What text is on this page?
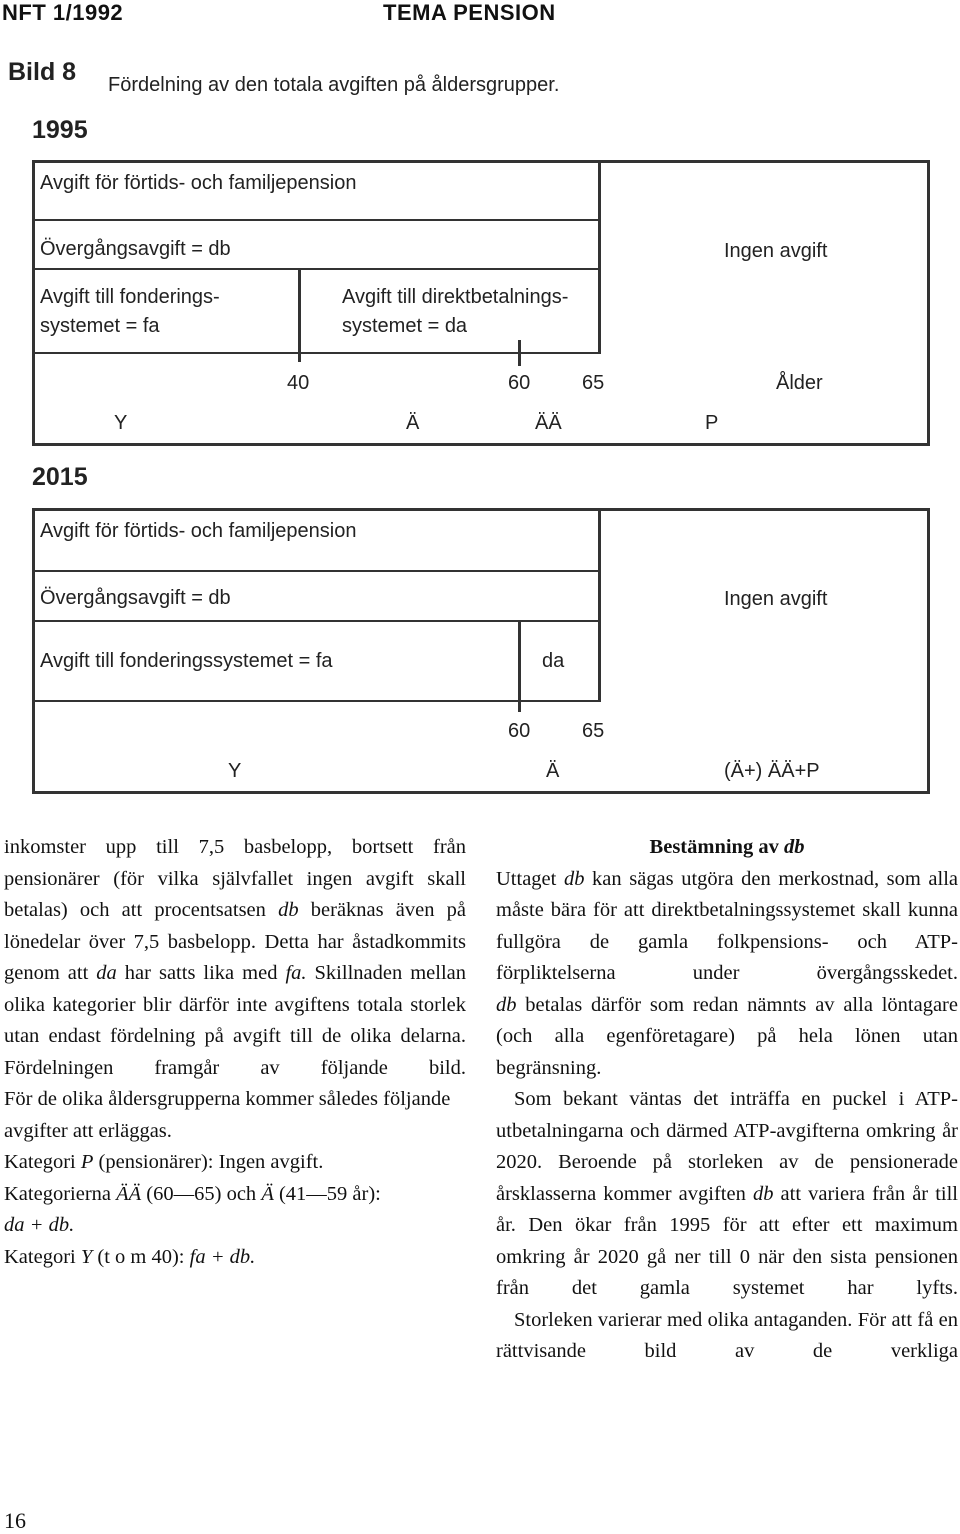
NFT 1/1992	TEMA PENSION
Bild 8 Fördelning av den totala avgiften på åldersgrupper.
1995
Avgift för förtids- och familjepension
Övergångsavgift = db
Avgift till fonderings-
systemet = fa
Avgift till direktbetalnings-
systemet = da
Ingen avgift
40	60	65	Ålder
Y	Ä	ÄÄ	P
2015
Avgift för förtids- och familjepension
Övergångsavgift = db
Avgift till fonderingssystemet = fa	da
Ingen avgift
60	65
Y	Ä	(Ä+) ÄÄ+P

inkomster upp till 7,5 basbelopp, bortsett från pensionärer (för vilka självfallet ingen avgift skall betalas) och att procentsatsen db beräknas även på lönedelar över 7,5 basbelopp. Detta har åstadkommits genom att da har satts lika med fa. Skillnaden mellan olika kategorier blir därför inte avgiftens totala storlek utan endast fördelning på avgift till de olika delarna. Fördelningen framgår av följande bild.

För de olika åldersgrupperna kommer således följande avgifter att erläggas.

Kategori P (pensionärer): Ingen avgift.

Kategorierna ÄÄ (60—65) och Ä (41—59 år):
da + db.

Kategori Y (t o m 40): fa + db.

Bestämning av db

Uttaget db kan sägas utgöra den merkostnad, som alla måste bära för att direktbetalningssystemet skall kunna fullgöra de gamla folkpensions- och ATP-förpliktelserna under övergångsskedet.

db betalas därför som redan nämnts av alla löntagare (och alla egenföretagare) på hela lönen utan begränsning.

Som bekant väntas det inträffa en puckel i ATP-utbetalningarna och därmed ATP-avgifterna omkring år 2020. Beroende på storleken av de pensionerade årsklasserna kommer avgiften db att variera från år till år. Den ökar från 1995 för att efter ett maximum omkring år 2020 gå ner till 0 när den sista pensionen från det gamla systemet har lyfts.

Storleken varierar med olika antaganden. För att få en rättvisande bild av de verkliga

16
